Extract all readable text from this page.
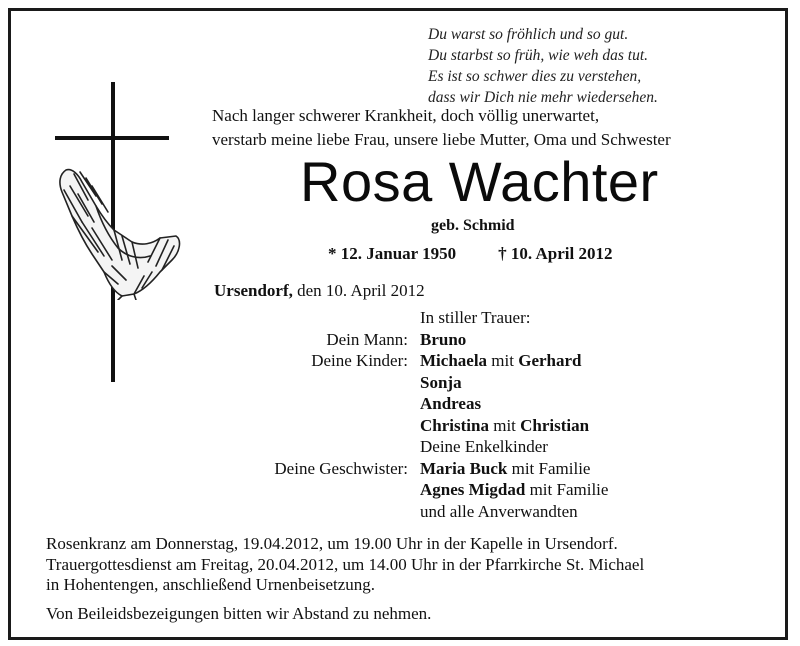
Du warst so fröhlich und so gut.
Du starbst so früh, wie weh das tut.
Es ist so schwer dies zu verstehen,
dass wir Dich nie mehr wiedersehen.
Nach langer schwerer Krankheit, doch völlig unerwartet,
verstarb meine liebe Frau, unsere liebe Mutter, Oma und Schwester
Rosa Wachter
geb. Schmid
* 12. Januar 1950 † 10. April 2012
Ursendorf, den 10. April 2012
In stiller Trauer:
Dein Mann: Bruno
Deine Kinder: Michaela mit Gerhard
Sonja
Andreas
Christina mit Christian
Deine Enkelkinder
Deine Geschwister: Maria Buck mit Familie
Agnes Migdad mit Familie
und alle Anverwandten
Rosenkranz am Donnerstag, 19.04.2012, um 19.00 Uhr in der Kapelle in Ursendorf.
Trauergottesdienst am Freitag, 20.04.2012, um 14.00 Uhr in der Pfarrkirche St. Michael
in Hohentengen, anschließend Urnenbeisetzung.
Von Beileidsbezeigungen bitten wir Abstand zu nehmen.
